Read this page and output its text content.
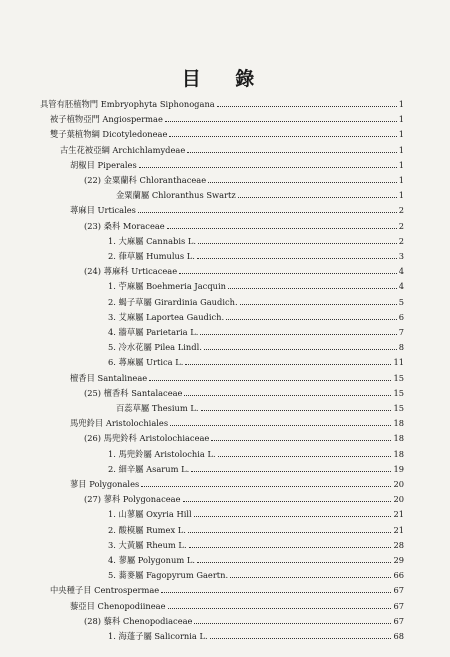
目 錄
具管有胚植物門 Embryophyta Siphonogana	1
被子植物亞門 Angiospermae	1
雙子葉植物綱 Dicotyledoneae	1
古生花被亞綱 Archichlamydeae	1
胡椒目 Piperales	1
(22) 金粟蘭科 Chloranthaceae	1
金粟蘭屬 Chloranthus Swartz	1
蕁麻目 Urticales	2
(23) 桑科 Moraceae	2
1. 大麻屬 Cannabis L.	2
2. 葎草屬 Humulus L.	3
(24) 蕁麻科 Urticaceae	4
1. 苧麻屬 Boehmeria Jacquin	4
2. 蝎子草屬 Girardinia Gaudich.	5
3. 艾麻屬 Laportea Gaudich.	6
4. 牆草屬 Parietaria L.	7
5. 冷水花屬 Pilea Lindl.	8
6. 蕁麻屬 Urtica L.	11
檀香目 Santalineae	15
(25) 檀香科 Santalaceae	15
百蕊草屬 Thesium L.	15
馬兜鈴目 Aristolochiales	18
(26) 馬兜鈴科 Aristolochiaceae	18
1. 馬兜鈴屬 Aristolochia L.	18
2. 細辛屬 Asarum L.	19
蓼目 Polygonales	20
(27) 蓼科 Polygonaceae	20
1. 山蓼屬 Oxyria Hill	21
2. 酸模屬 Rumex L.	21
3. 大黃屬 Rheum L.	28
4. 蓼屬 Polygonum L.	29
5. 蕎麥屬 Fagopyrum Gaertn.	66
中央種子目 Centrospermae	67
藜亞目 Chenopodiineae	67
(28) 藜科 Chenopodiaceae	67
1. 海蓬子屬 Salicornia L.	68
